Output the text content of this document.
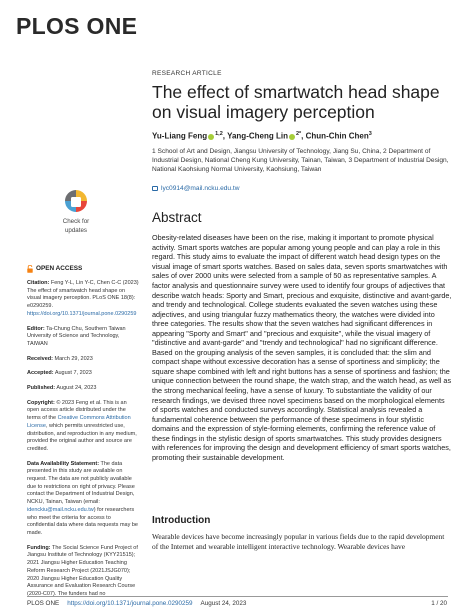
PLOS ONE
Check for
updates
OPEN ACCESS
Citation: Feng Y-L, Lin Y-C, Chen C-C (2023) The effect of smartwatch head shape on visual imagery perception. PLoS ONE 18(8): e0290259. https://doi.org/10.1371/journal.pone.0290259
Editor: Ta-Chung Chu, Southern Taiwan University of Science and Technology, TAIWAN
Received: March 29, 2023
Accepted: August 7, 2023
Published: August 24, 2023
Copyright: © 2023 Feng et al. This is an open access article distributed under the terms of the Creative Commons Attribution License, which permits unrestricted use, distribution, and reproduction in any medium, provided the original author and source are credited.
Data Availability Statement: The data presented in this study are available on request. The data are not publicly available due to restrictions on right of privacy. Please contact the Department of Industrial Design, NCKU, Tainan, Taiwan (email: idenckiu@mail.ncku.edu.tw) for researchers who meet the criteria for access to confidential data where data requests may be made.
Funding: The Social Science Fund Project of Jiangsu Institute of Technology (KYY21515); 2021 Jiangsu Higher Education Teaching Reform Research Project (2021JSJG070); 2020 Jiangsu Higher Education Quality Assurance and Evaluation Research Course (2020-C07). The funders had no
RESEARCH ARTICLE
The effect of smartwatch head shape on visual imagery perception
Yu-Liang Feng $^{1,2}$, Yang-Cheng Lin $^{2*}$, Chun-Chin Chen$^3$
1 School of Art and Design, Jiangsu University of Technology, Jiang Su, China, 2 Department of Industrial Design, National Cheng Kung University, Tainan, Taiwan, 3 Department of Industrial Design, National Kaohsiung Normal University, Kaohsiung, Taiwan
lyc0914@mail.ncku.edu.tw
Abstract

Obesity-related diseases have been on the rise, making it important to promote physical activity. Smart sports watches are popular among young people and can play a role in this regard. This study aims to evaluate the impact of different watch head design types on the visual image of smart sports watches. Based on sales data, seven sports smartwatches with sales of over 2000 units were selected from a sample of 50 as representative samples. A factor analysis and questionnaire survey were used to identify four groups of adjectives that describe watch heads: Sporty and Smart, precious and exquisite, distinctive and avant-garde, and trendy and technological. College students evaluated the seven watches using these adjectives, and using triangular fuzzy mathematics theory, the watches were divided into three categories. The results show that the seven watches had significant differences in appearing "Sporty and Smart" and "precious and exquisite", while the visual imagery of "distinctive and avant-garde" and "trendy and technological" had no significant difference. Based on the grouping analysis of the seven samples, it is concluded that: the slim and compact shape without excessive decoration has a sense of sportiness and simplicity; the square shape combined with left and right buttons has a sense of sportiness and fashion; the unique connection between the round shape, the watch strap, and the watch head, as well as the strong mechanical feeling, have a sense of luxury. To substantiate the validity of our research findings, we devised three novel specimens based on the morphological elements of sports watches and conducted surveys accordingly. Statistical analysis revealed a fundamental coherence between the performance of these specimens in four stylistic domains and the expression of style-forming elements, confirming the reference value of these findings in the stylistic design of sports smartwatches. This study provides designers with references for improving the design and development efficiency of smart sports watches, promoting their sustainable development.

Introduction

Wearable devices have become increasingly popular in various fields due to the rapid development of the Internet and wearable intelligent interactive technology. Wearable devices have

PLOS ONE https://doi.org/10.1371/journal.pone.0290259 August 24, 2023	1 / 20
